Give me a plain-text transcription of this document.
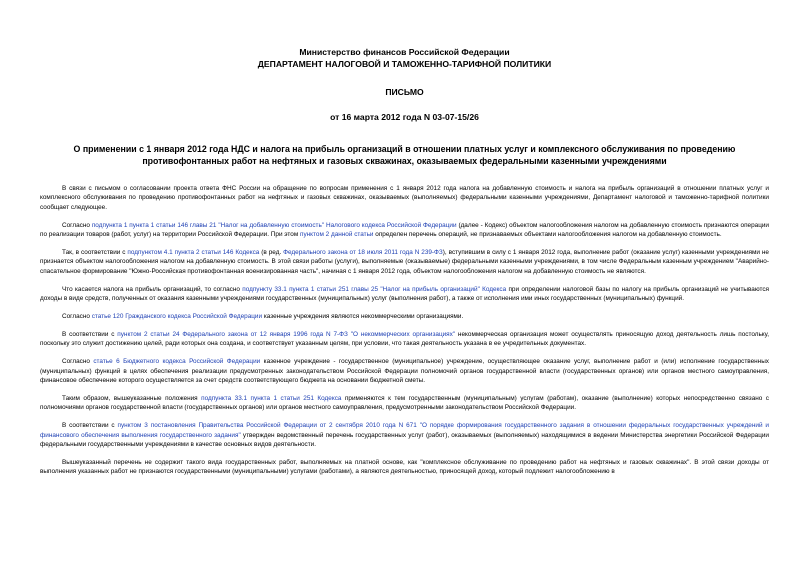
Министерство финансов Российской Федерации
ДЕПАРТАМЕНТ НАЛОГОВОЙ И ТАМОЖЕННО-ТАРИФНОЙ ПОЛИТИКИ
ПИСЬМО
от 16 марта 2012 года N 03-07-15/26
О применении с 1 января 2012 года НДС и налога на прибыль организаций в отношении платных услуг и комплексного обслуживания по проведению
противофонтанных работ на нефтяных и газовых скважинах, оказываемых федеральными казенными учреждениями

В связи с письмом о согласовании проекта ответа ФНС России на обращение по вопросам применения с 1 января 2012 года налога на добавленную стоимость и налога на прибыль организаций в отношении платных услуг и комплексного обслуживания по проведению противофонтанных работ на нефтяных и газовых скважинах, оказываемых (выполняемых) федеральными казенными учреждениями, Департамент налоговой и таможенно-тарифной политики сообщает следующее.

Согласно подпункта 1 пункта 1 статьи 146 главы 21 "Налог на добавленную стоимость" Налогового кодекса Российской Федерации (далее - Кодекс) объектом налогообложения налогом на добавленную стоимость признаются операции по реализации товаров (работ, услуг) на территории Российской Федерации. При этом пунктом 2 данной статьи определен перечень операций, не признаваемых объектами налогообложения налогом на добавленную стоимость.

Так, в соответствии с подпунктом 4.1 пункта 2 статьи 146 Кодекса (в ред. Федерального закона от 18 июля 2011 года N 239-ФЗ), вступившим в силу с 1 января 2012 года, выполнение работ (оказание услуг) казенными учреждениями не признается объектом налогообложения налогом на добавленную стоимость. В этой связи работы (услуги), выполняемые (оказываемые) федеральными казенными учреждениями, в том числе Федеральным казенным учреждением "Аварийно-спасательное формирование "Южно-Российская противофонтанная военизированная часть", начиная с 1 января 2012 года, объектом налогообложения налогом на добавленную стоимость не являются.

Что касается налога на прибыль организаций, то согласно подпункту 33.1 пункта 1 статьи 251 главы 25 "Налог на прибыль организаций" Кодекса при определении налоговой базы по налогу на прибыль организаций не учитываются доходы в виде средств, полученных от оказания казенными учреждениями государственных (муниципальных) услуг (выполнения работ), а также от исполнения ими иных государственных (муниципальных) функций.

Согласно статье 120 Гражданского кодекса Российской Федерации казенные учреждения являются некоммерческими организациями.

В соответствии с пунктом 2 статьи 24 Федерального закона от 12 января 1996 года N 7-ФЗ "О некоммерческих организациях" некоммерческая организация может осуществлять приносящую доход деятельность лишь постольку, поскольку это служит достижению целей, ради которых она создана, и соответствует указанным целям, при условии, что такая деятельность указана в ее учредительных документах.

Согласно статье 6 Бюджетного кодекса Российской Федерации казенное учреждение - государственное (муниципальное) учреждение, осуществляющее оказание услуг, выполнение работ и (или) исполнение государственных (муниципальных) функций в целях обеспечения реализации предусмотренных законодательством Российской Федерации полномочий органов государственной власти (государственных органов) или органов местного самоуправления, финансовое обеспечение которого осуществляется за счет средств соответствующего бюджета на основании бюджетной сметы.

Таким образом, вышеуказанные положения подпункта 33.1 пункта 1 статьи 251 Кодекса применяются к тем государственным (муниципальным) услугам (работам), оказание (выполнение) которых непосредственно связано с полномочиями органов государственной власти (государственных органов) или органов местного самоуправления, предусмотренными законодательством Российской Федерации.

В соответствии с пунктом 3 постановления Правительства Российской Федерации от 2 сентября 2010 года N 671 "О порядке формирования государственного задания в отношении федеральных государственных учреждений и финансового обеспечения выполнения государственного задания" утвержден ведомственный перечень государственных услуг (работ), оказываемых (выполняемых) находящимися в ведении Министерства энергетики Российской Федерации федеральными государственными учреждениями в качестве основных видов деятельности.

Вышеуказанный перечень не содержит такого вида государственных работ, выполняемых на платной основе, как "комплексное обслуживание по проведению работ на нефтяных и газовых скважинах". В этой связи доходы от выполнения указанных работ не признаются государственными (муниципальными) услугами (работами), а являются деятельностью, приносящей доход, который подлежит налогообложению в
